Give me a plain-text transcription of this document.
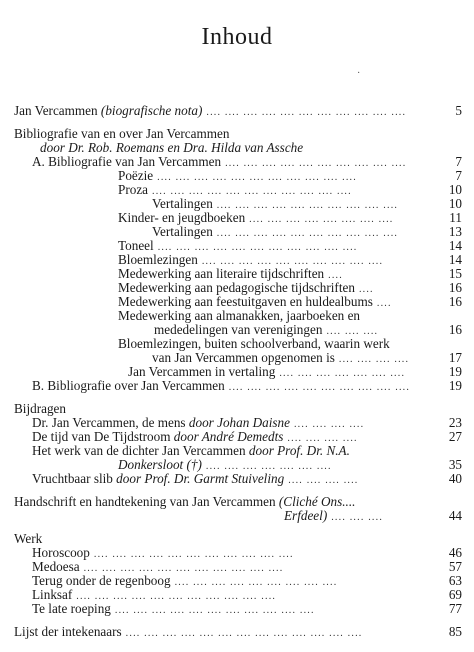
Inhoud
·
Jan Vercammen (biografische nota) .... .... .... .... .... .... .... .... .... .... ....	5
Bibliografie van en over Jan Vercammen
door Dr. Rob. Roemans en Dra. Hilda van Assche
A. Bibliografie van Jan Vercammen .... .... .... .... .... .... .... .... .... ....	7
Poëzie .... .... .... .... .... .... .... .... .... .... ....	7
Proza .... .... .... .... .... .... .... .... .... .... ....	10
Vertalingen .... .... .... .... .... .... .... .... .... ....	10
Kinder- en jeugdboeken .... .... .... .... .... .... .... ....	11
Vertalingen .... .... .... .... .... .... .... .... .... ....	13
Toneel .... .... .... .... .... .... .... .... .... .... ....	14
Bloemlezingen .... .... .... .... .... .... .... .... .... ....	14
Medewerking aan literaire tijdschriften ....	15
Medewerking aan pedagogische tijdschriften ....	16
Medewerking aan feestuitgaven en huldealbums ....	16
Medewerking aan almanakken, jaarboeken en
mededelingen van verenigingen .... .... ....	16
Bloemlezingen, buiten schoolverband, waarin werk
van Jan Vercammen opgenomen is .... .... .... ....	17
Jan Vercammen in vertaling .... .... .... .... .... .... ....	19
B. Bibliografie over Jan Vercammen .... .... .... .... .... .... .... .... .... ....	19
Bijdragen
Dr. Jan Vercammen, de mens door Johan Daisne .... .... .... ....	23
De tijd van De Tijdstroom door André Demedts .... .... .... ....	27
Het werk van de dichter Jan Vercammen door Prof. Dr. N.A.
Donkersloot (†) .... .... .... .... .... .... ....	35
Vruchtbaar slib door Prof. Dr. Garmt Stuiveling .... .... .... ....	40
Handschrift en handtekening van Jan Vercammen (Cliché Ons....
Erfdeel) .... .... ....	44
Werk
Horoscoop .... .... .... .... .... .... .... .... .... .... ....	46
Medoesa .... .... .... .... .... .... .... .... .... .... ....	57
Terug onder de regenboog .... .... .... .... .... .... .... .... ....	63
Linksaf .... .... .... .... .... .... .... .... .... .... ....	69
Te late roeping .... .... .... .... .... .... .... .... .... .... ....	77
Lijst der intekenaars .... .... .... .... .... .... .... .... .... .... .... .... ....	85
